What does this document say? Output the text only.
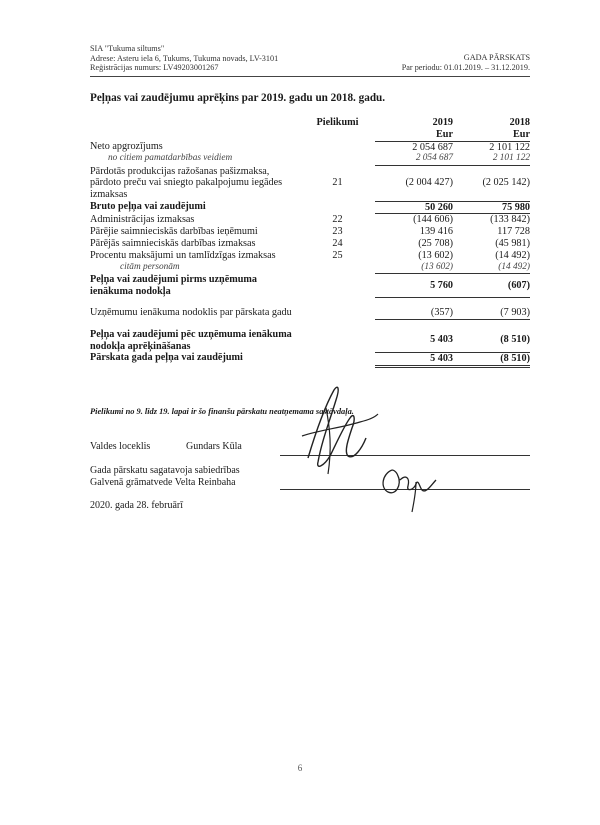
SIA "Tukuma siltums"
Adrese: Asteru iela 6, Tukums, Tukuma novads, LV-3101
Reģistrācijas numurs: LV49203001267
GADA PĀRSKATS
Par periodu: 01.01.2019. – 31.12.2019.
Peļņas vai zaudējumu aprēķins par 2019. gadu un 2018. gadu.
	Pielikumi	2019	2018
		Eur	Eur
Neto apgrozījums		2 054 687	2 101 122
no citiem pamatdarbības veidiem		2 054 687	2 101 122
Pārdotās produkcijas ražošanas pašizmaksa, pārdoto preču vai sniegto pakalpojumu iegādes izmaksas	21	(2 004 427)	(2 025 142)
Bruto peļņa vai zaudējumi		50 260	75 980
Administrācijas izmaksas	22	(144 606)	(133 842)
Pārējie saimnieciskās darbības ieņēmumi	23	139 416	117 728
Pārējās saimnieciskās darbības izmaksas	24	(25 708)	(45 981)
Procentu maksājumi un tamlīdzīgas izmaksas	25	(13 602)	(14 492)
citām personām		(13 602)	(14 492)
Peļņa vai zaudējumi pirms uzņēmuma ienākuma nodokļa		5 760	(607)

Uzņēmumu ienākuma nodoklis par pārskata gadu		(357)	(7 903)

Peļņa vai zaudējumi pēc uzņēmuma ienākuma nodokļa aprēķināšanas		5 403	(8 510)
Pārskata gada peļņa vai zaudējumi		5 403	(8 510)
Pielikumi no 9. līdz 19. lapai ir šo finanšu pārskatu neatņemama sastāvdaļa.
Valdes loceklis	Gundars Kūla
Gada pārskatu sagatavoja sabiedrības
Galvenā grāmatvede Velta Reinbaha
2020. gada 28. februārī
6
